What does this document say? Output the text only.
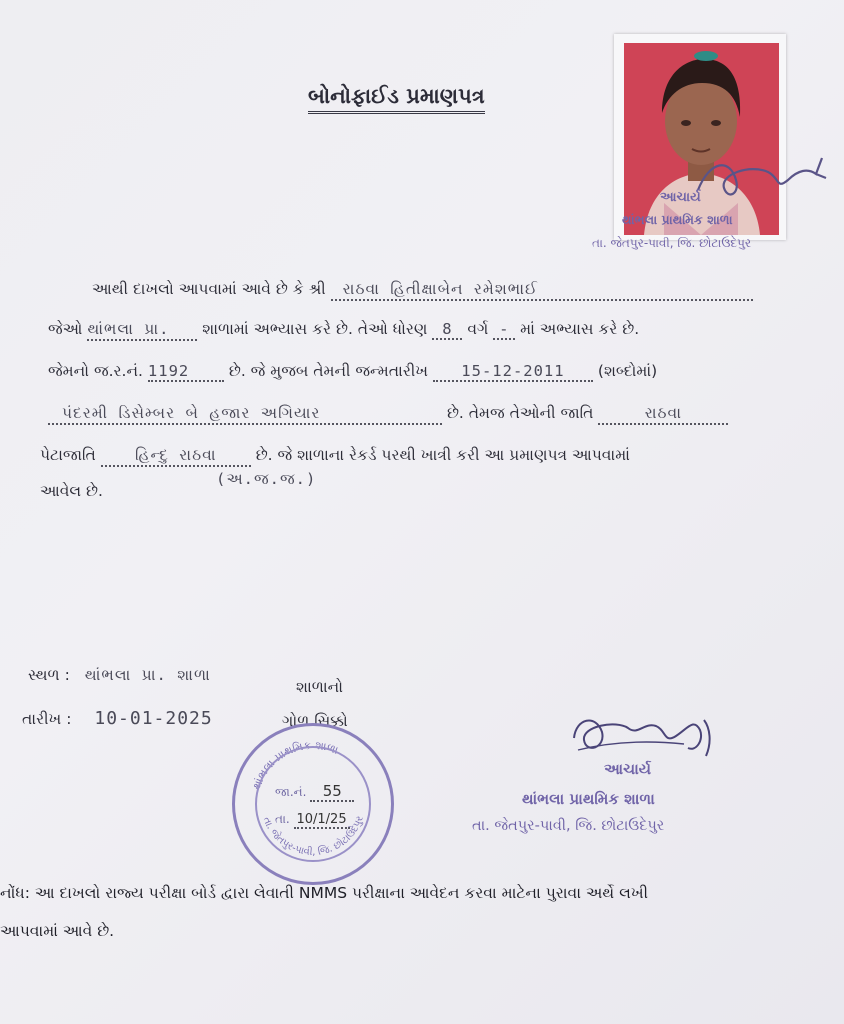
બોનોફાઈડ પ્રમાણપત્ર
આચાર્ય
થાંભલા પ્રાથમિક શાળા
તા. જેતપુર-પાવી, જિ. છોટાઉદેપુર
આથી દાખલો આપવામાં આવે છે કે શ્રી રાઠવા હિતીક્ષાબેન રમેશભાઈ
જેઓ થાંભલા પ્રા. શાળામાં અભ્યાસ કરે છે. તેઓ ધોરણ 8 વર્ગ - માં અભ્યાસ કરે છે.
જેમનો જ.ર.નં. 1192	છે. જે મુજબ તેમની જન્મતારીખ 15-12-2011 (શબ્દોમાં)
પંદરમી ડિસેમ્બર બે હજાર અગિયાર	છે. તેમજ તેઓની જાતિ	રાઠવા
પેટાજાતિ	હિન્દુ રાઠવા	છે. જે શાળાના રેકર્ડ પરથી ખાત્રી કરી આ પ્રમાણપત્ર આપવામાં
આવેલ છે.
(અ.જ.જ.)
સ્થળ : થાંભલા પ્રા. શાળા
શાળાનો
તારીખ : 10-01-2025	ગોળ સિક્કો
થાંભલા પ્રાથમિક શાળા
તા. જેતપુર-પાવી, જિ. છોટાઉદેપુર
જા.નં. 55
તા. 10/1/25
આચાર્ય
થાંભલા પ્રાથમિક શાળા
તા. જેતપુર-પાવી, જિ. છોટાઉદેપુર
નોંધ: આ દાખલો રાજ્ય પરીક્ષા બોર્ડ દ્વારા લેવાતી NMMS પરીક્ષાના આવેદન કરવા માટેના પુરાવા અર્થે લખી
આપવામાં આવે છે.
